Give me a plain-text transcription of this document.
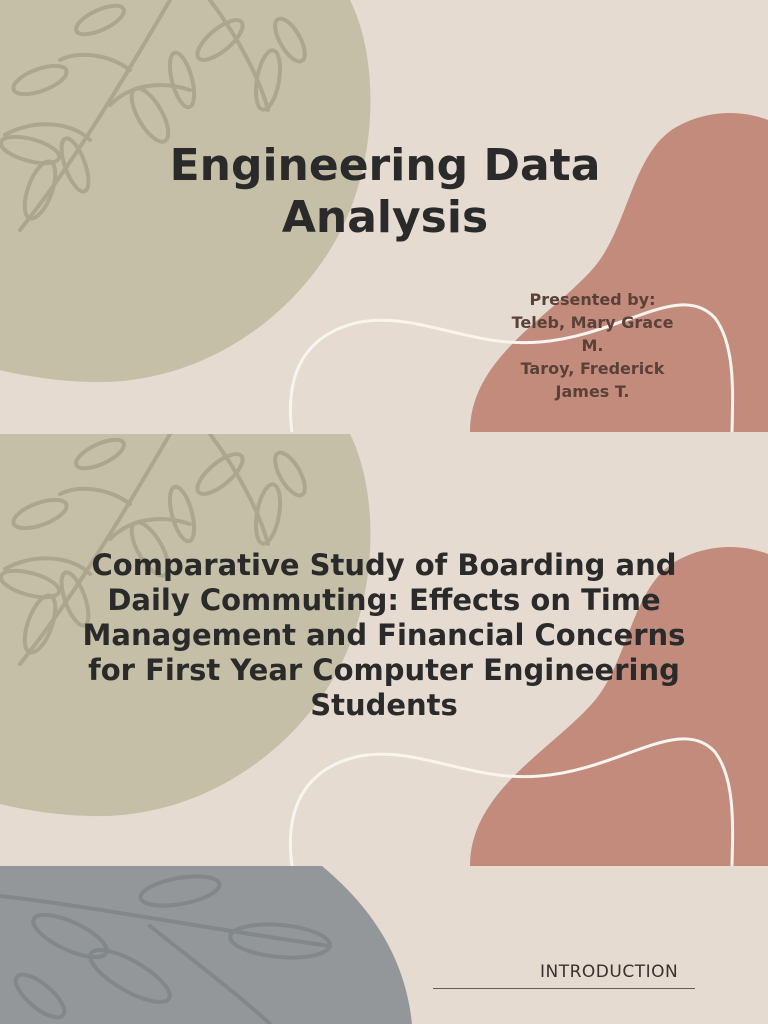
Engineering Data Analysis
Presented by:
Teleb, Mary Grace
M.
Taroy, Frederick
James T.
Comparative Study of Boarding and Daily Commuting: Effects on Time Management and Financial Concerns for First Year Computer Engineering Students
INTRODUCTION
